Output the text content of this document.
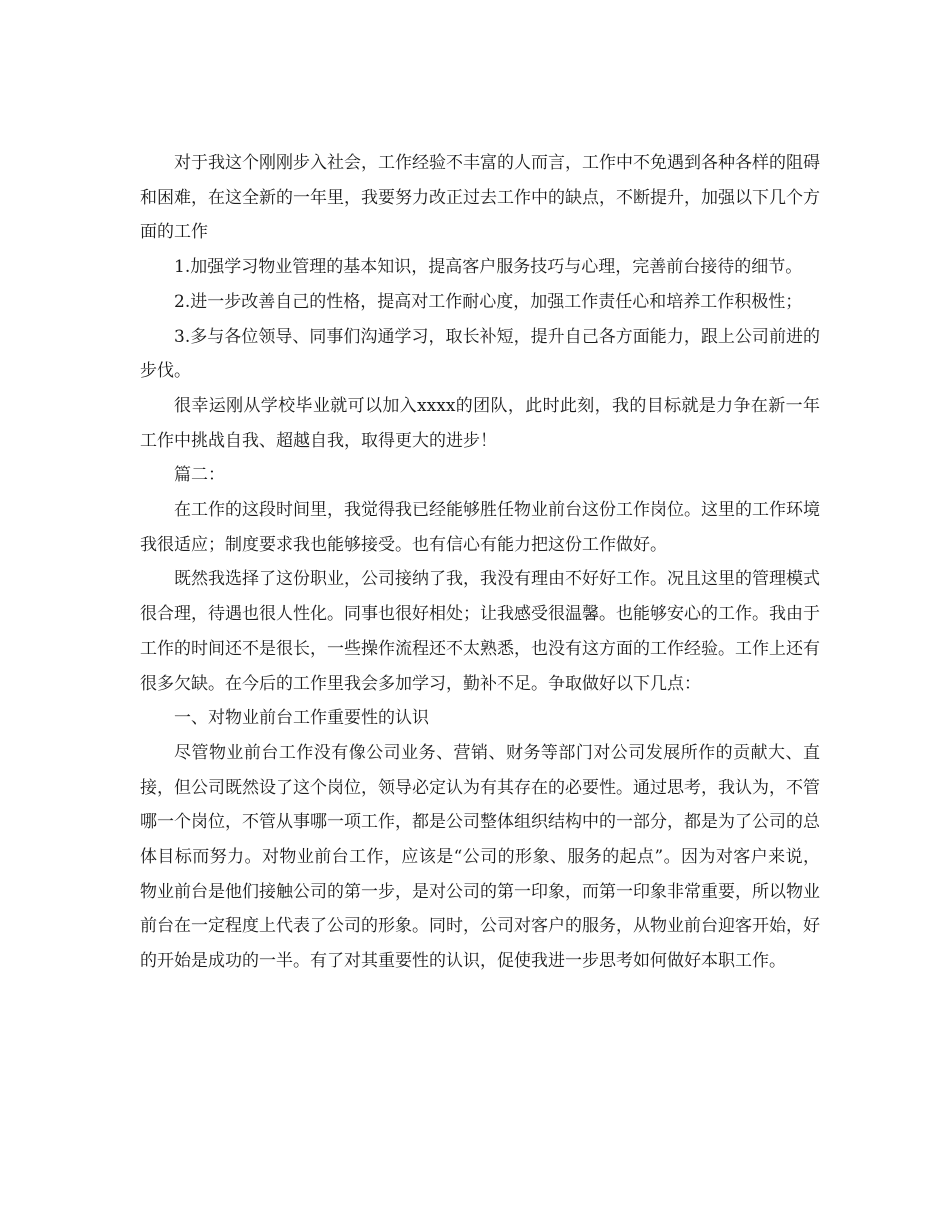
对于我这个刚刚步入社会，工作经验不丰富的人而言，工作中不免遇到各种各样的阻碍和困难，在这全新的一年里，我要努力改正过去工作中的缺点，不断提升，加强以下几个方面的工作

1.加强学习物业管理的基本知识，提高客户服务技巧与心理，完善前台接待的细节。

2.进一步改善自己的性格，提高对工作耐心度，加强工作责任心和培养工作积极性；

3.多与各位领导、同事们沟通学习，取长补短，提升自己各方面能力，跟上公司前进的步伐。

很幸运刚从学校毕业就可以加入xxxx的团队，此时此刻，我的目标就是力争在新一年工作中挑战自我、超越自我，取得更大的进步！

篇二：

在工作的这段时间里，我觉得我已经能够胜任物业前台这份工作岗位。这里的工作环境我很适应；制度要求我也能够接受。也有信心有能力把这份工作做好。

既然我选择了这份职业，公司接纳了我，我没有理由不好好工作。况且这里的管理模式很合理，待遇也很人性化。同事也很好相处；让我感受很温馨。也能够安心的工作。我由于工作的时间还不是很长，一些操作流程还不太熟悉，也没有这方面的工作经验。工作上还有很多欠缺。在今后的工作里我会多加学习，勤补不足。争取做好以下几点：

一、对物业前台工作重要性的认识

尽管物业前台工作没有像公司业务、营销、财务等部门对公司发展所作的贡献大、直接，但公司既然设了这个岗位，领导必定认为有其存在的必要性。通过思考，我认为，不管哪一个岗位，不管从事哪一项工作，都是公司整体组织结构中的一部分，都是为了公司的总体目标而努力。对物业前台工作，应该是“公司的形象、服务的起点”。因为对客户来说，物业前台是他们接触公司的第一步，是对公司的第一印象，而第一印象非常重要，所以物业前台在一定程度上代表了公司的形象。同时，公司对客户的服务，从物业前台迎客开始，好的开始是成功的一半。有了对其重要性的认识，促使我进一步思考如何做好本职工作。
